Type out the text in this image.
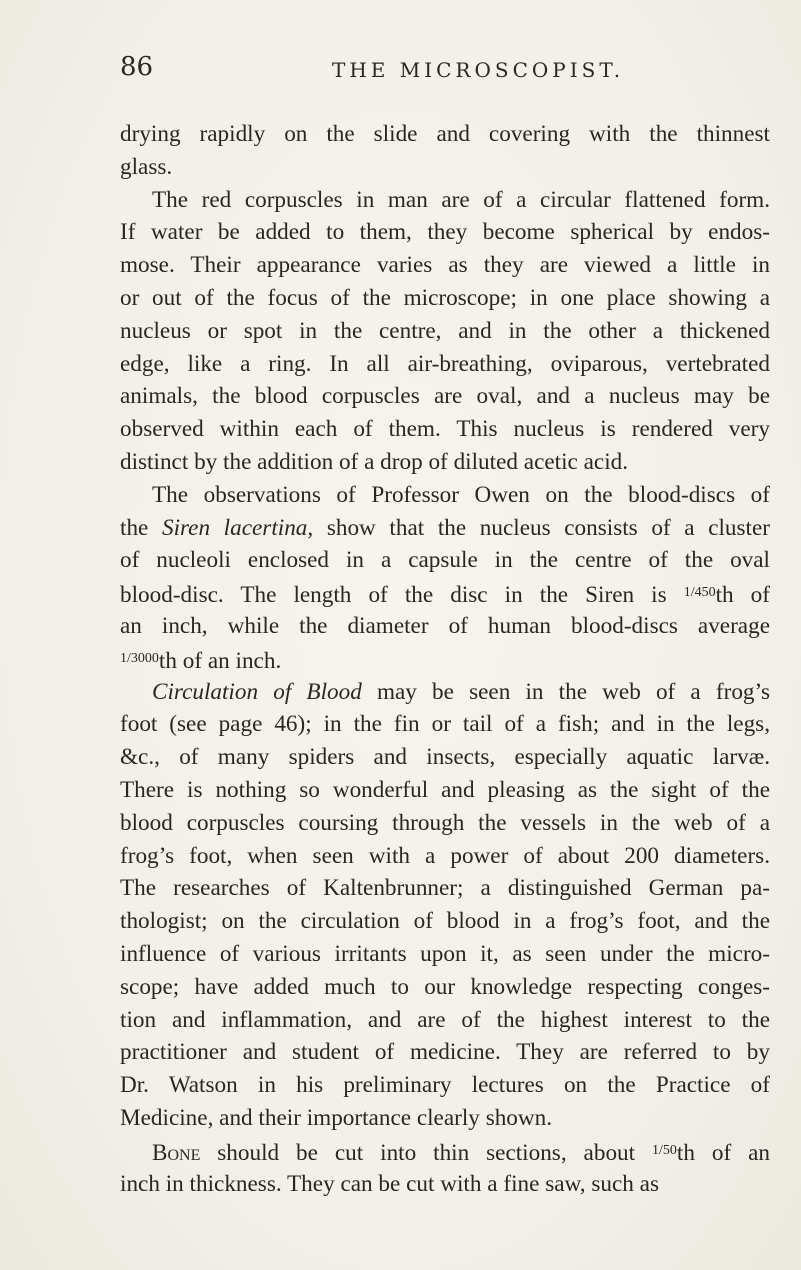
86	THE MICROSCOPIST.
drying rapidly on the slide and covering with the thinnest
glass.
The red corpuscles in man are of a circular flattened form.
If water be added to them, they become spherical by endos-
mose. Their appearance varies as they are viewed a little in
or out of the focus of the microscope; in one place showing a
nucleus or spot in the centre, and in the other a thickened
edge, like a ring. In all air-breathing, oviparous, vertebrated
animals, the blood corpuscles are oval, and a nucleus may be
observed within each of them. This nucleus is rendered very
distinct by the addition of a drop of diluted acetic acid.
The observations of Professor Owen on the blood-discs of
the Siren lacertina, show that the nucleus consists of a cluster
of nucleoli enclosed in a capsule in the centre of the oval
blood-disc. The length of the disc in the Siren is 1/450th of
an inch, while the diameter of human blood-discs average
1/3000th of an inch.
Circulation of Blood may be seen in the web of a frog’s
foot (see page 46); in the fin or tail of a fish; and in the legs,
&c., of many spiders and insects, especially aquatic larvæ.
There is nothing so wonderful and pleasing as the sight of the
blood corpuscles coursing through the vessels in the web of a
frog’s foot, when seen with a power of about 200 diameters.
The researches of Kaltenbrunner; a distinguished German pa-
thologist; on the circulation of blood in a frog’s foot, and the
influence of various irritants upon it, as seen under the micro-
scope; have added much to our knowledge respecting conges-
tion and inflammation, and are of the highest interest to the
practitioner and student of medicine. They are referred to by
Dr. Watson in his preliminary lectures on the Practice of
Medicine, and their importance clearly shown.
Bone should be cut into thin sections, about 1/50th of an
inch in thickness. They can be cut with a fine saw, such as
